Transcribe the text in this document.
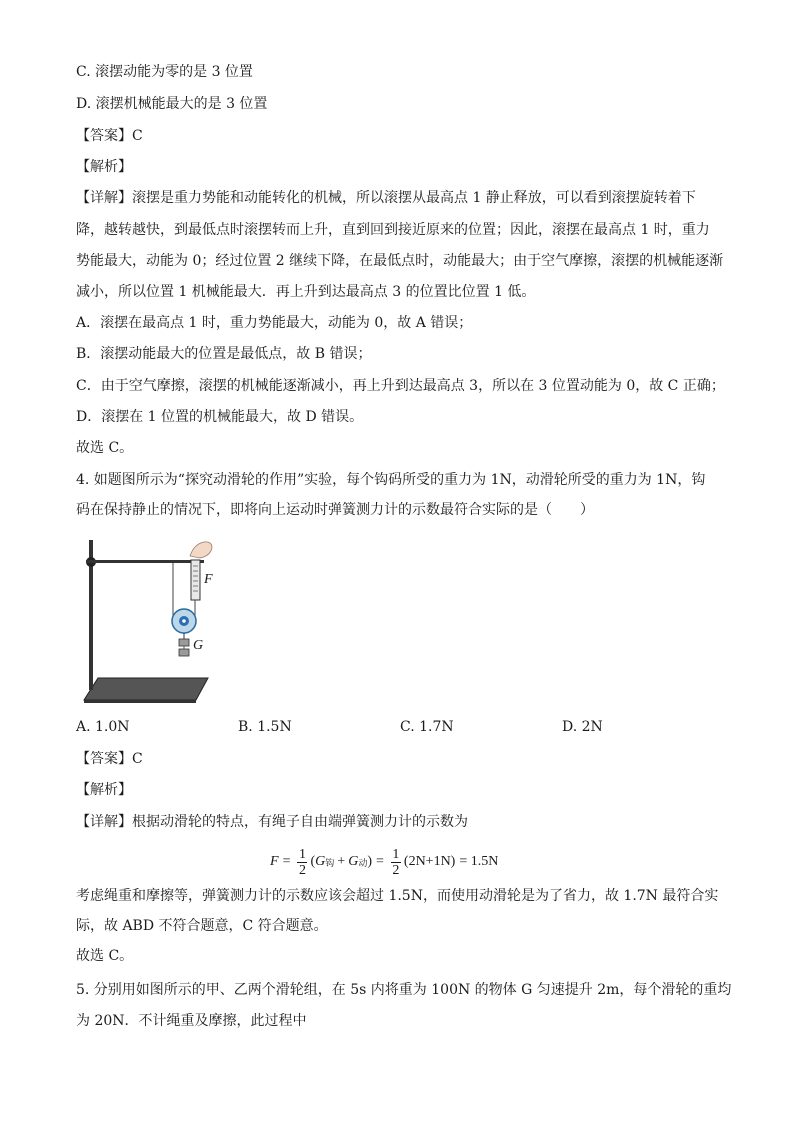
C. 滚摆动能为零的是 3 位置
D. 滚摆机械能最大的是 3 位置
【答案】C
【解析】
【详解】滚摆是重力势能和动能转化的机械，所以滚摆从最高点 1 静止释放，可以看到滚摆旋转着下
降，越转越快，到最低点时滚摆转而上升，直到回到接近原来的位置；因此，滚摆在最高点 1 时，重力
势能最大，动能为 0；经过位置 2 继续下降，在最低点时，动能最大；由于空气摩擦，滚摆的机械能逐渐
减小，所以位置 1 机械能最大．再上升到达最高点 3 的位置比位置 1 低。
A．滚摆在最高点 1 时，重力势能最大，动能为 0，故 A 错误；
B．滚摆动能最大的位置是最低点，故 B 错误；
C．由于空气摩擦，滚摆的机械能逐渐减小，再上升到达最高点 3，所以在 3 位置动能为 0，故 C 正确；
D．滚摆在 1 位置的机械能最大，故 D 错误。
故选 C。
4. 如题图所示为“探究动滑轮的作用”实验，每个钩码所受的重力为 1N，动滑轮所受的重力为 1N，钩
码在保持静止的情况下，即将向上运动时弹簧测力计的示数最符合实际的是（　　）
F
G
A. 1.0N	B. 1.5N	C. 1.7N	D. 2N
【答案】C
【解析】
【详解】根据动滑轮的特点，有绳子自由端弹簧测力计的示数为
$F = \frac{1}{2}$ ( G 钩 + G 动 ) = $\frac{1}{2} (2N+1N) = 1.5N$
考虑绳重和摩擦等，弹簧测力计的示数应该会超过 1.5N，而使用动滑轮是为了省力，故 1.7N 最符合实
际，故 ABD 不符合题意，C 符合题意。
故选 C。
5. 分别用如图所示的甲、乙两个滑轮组，在 5s 内将重为 100N 的物体 G 匀速提升 2m，每个滑轮的重均
为 20N．不计绳重及摩擦，此过程中
